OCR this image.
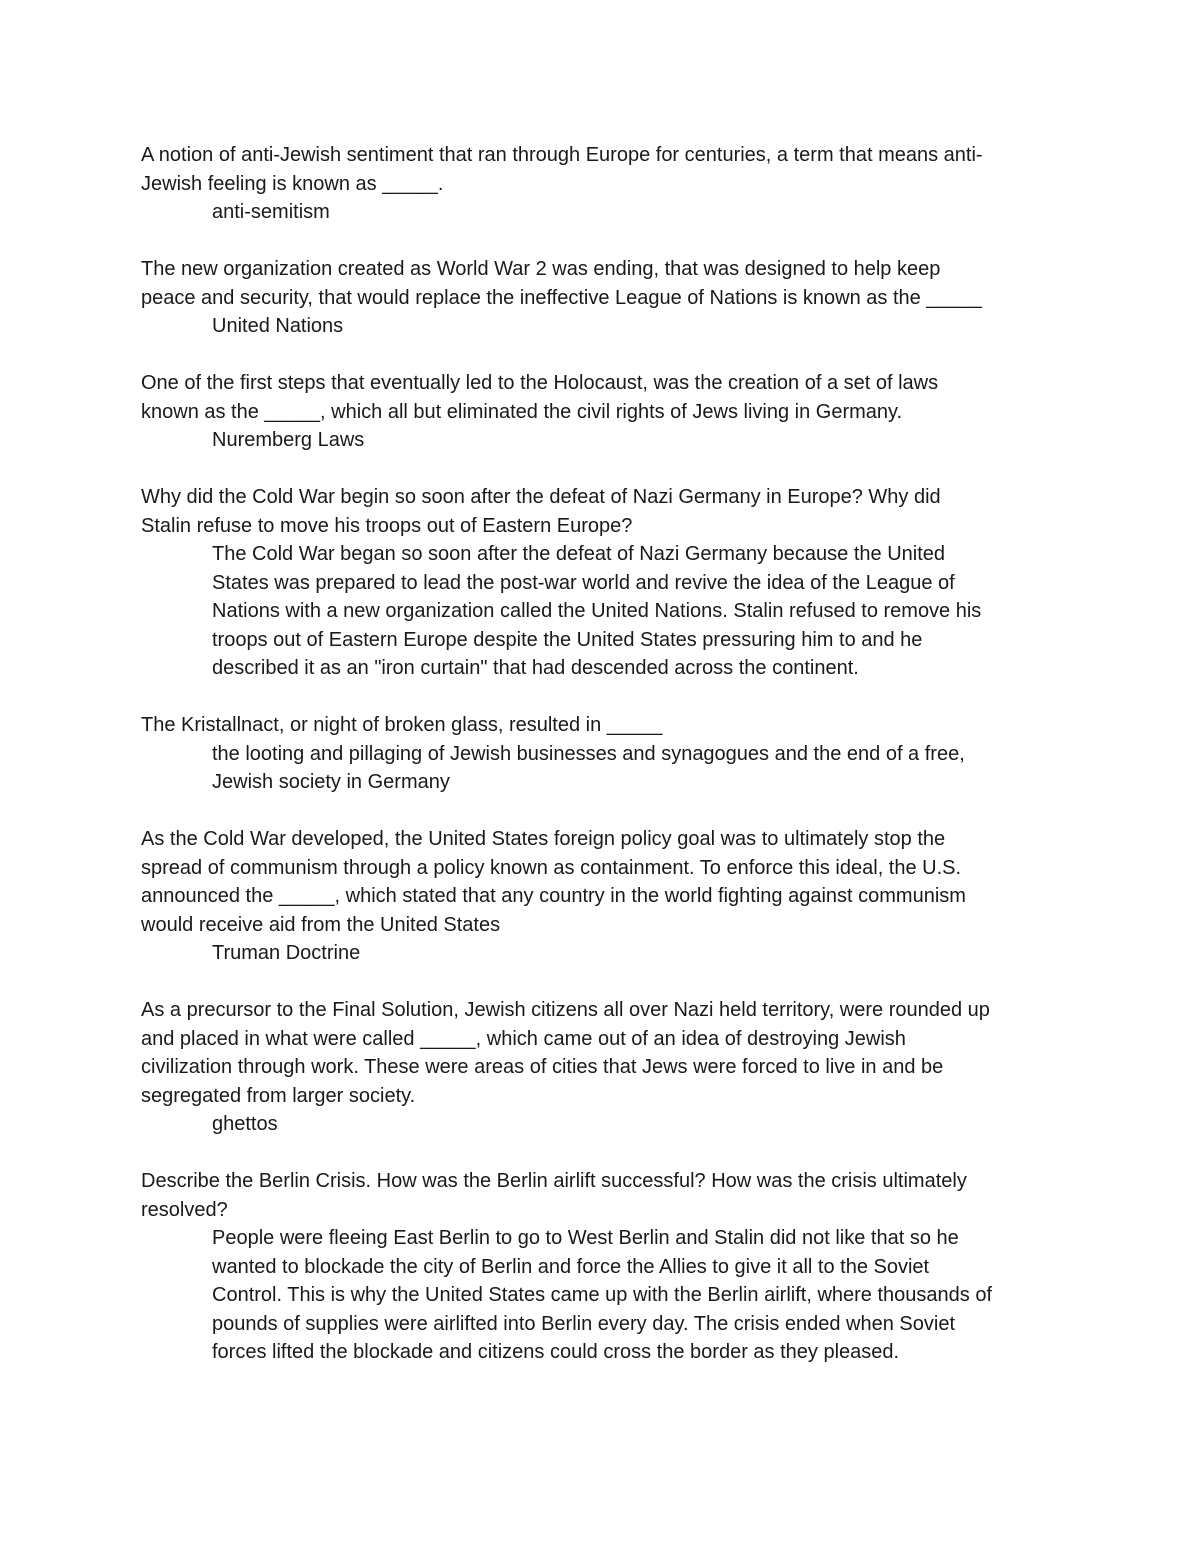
A notion of anti-Jewish sentiment that ran through Europe for centuries, a term that means anti-
Jewish feeling is known as _____.
anti-semitism
The new organization created as World War 2 was ending, that was designed to help keep
peace and security, that would replace the ineffective League of Nations is known as the _____
United Nations
One of the first steps that eventually led to the Holocaust, was the creation of a set of laws
known as the _____, which all but eliminated the civil rights of Jews living in Germany.
Nuremberg Laws
Why did the Cold War begin so soon after the defeat of Nazi Germany in Europe? Why did
Stalin refuse to move his troops out of Eastern Europe?
The Cold War began so soon after the defeat of Nazi Germany because the United
States was prepared to lead the post-war world and revive the idea of the League of
Nations with a new organization called the United Nations. Stalin refused to remove his
troops out of Eastern Europe despite the United States pressuring him to and he
described it as an "iron curtain" that had descended across the continent.
The Kristallnact, or night of broken glass, resulted in _____
the looting and pillaging of Jewish businesses and synagogues and the end of a free,
Jewish society in Germany
As the Cold War developed, the United States foreign policy goal was to ultimately stop the
spread of communism through a policy known as containment. To enforce this ideal, the U.S.
announced the _____, which stated that any country in the world fighting against communism
would receive aid from the United States
Truman Doctrine
As a precursor to the Final Solution, Jewish citizens all over Nazi held territory, were rounded up
and placed in what were called _____, which came out of an idea of destroying Jewish
civilization through work. These were areas of cities that Jews were forced to live in and be
segregated from larger society.
ghettos
Describe the Berlin Crisis. How was the Berlin airlift successful? How was the crisis ultimately
resolved?
People were fleeing East Berlin to go to West Berlin and Stalin did not like that so he
wanted to blockade the city of Berlin and force the Allies to give it all to the Soviet
Control. This is why the United States came up with the Berlin airlift, where thousands of
pounds of supplies were airlifted into Berlin every day. The crisis ended when Soviet
forces lifted the blockade and citizens could cross the border as they pleased.
